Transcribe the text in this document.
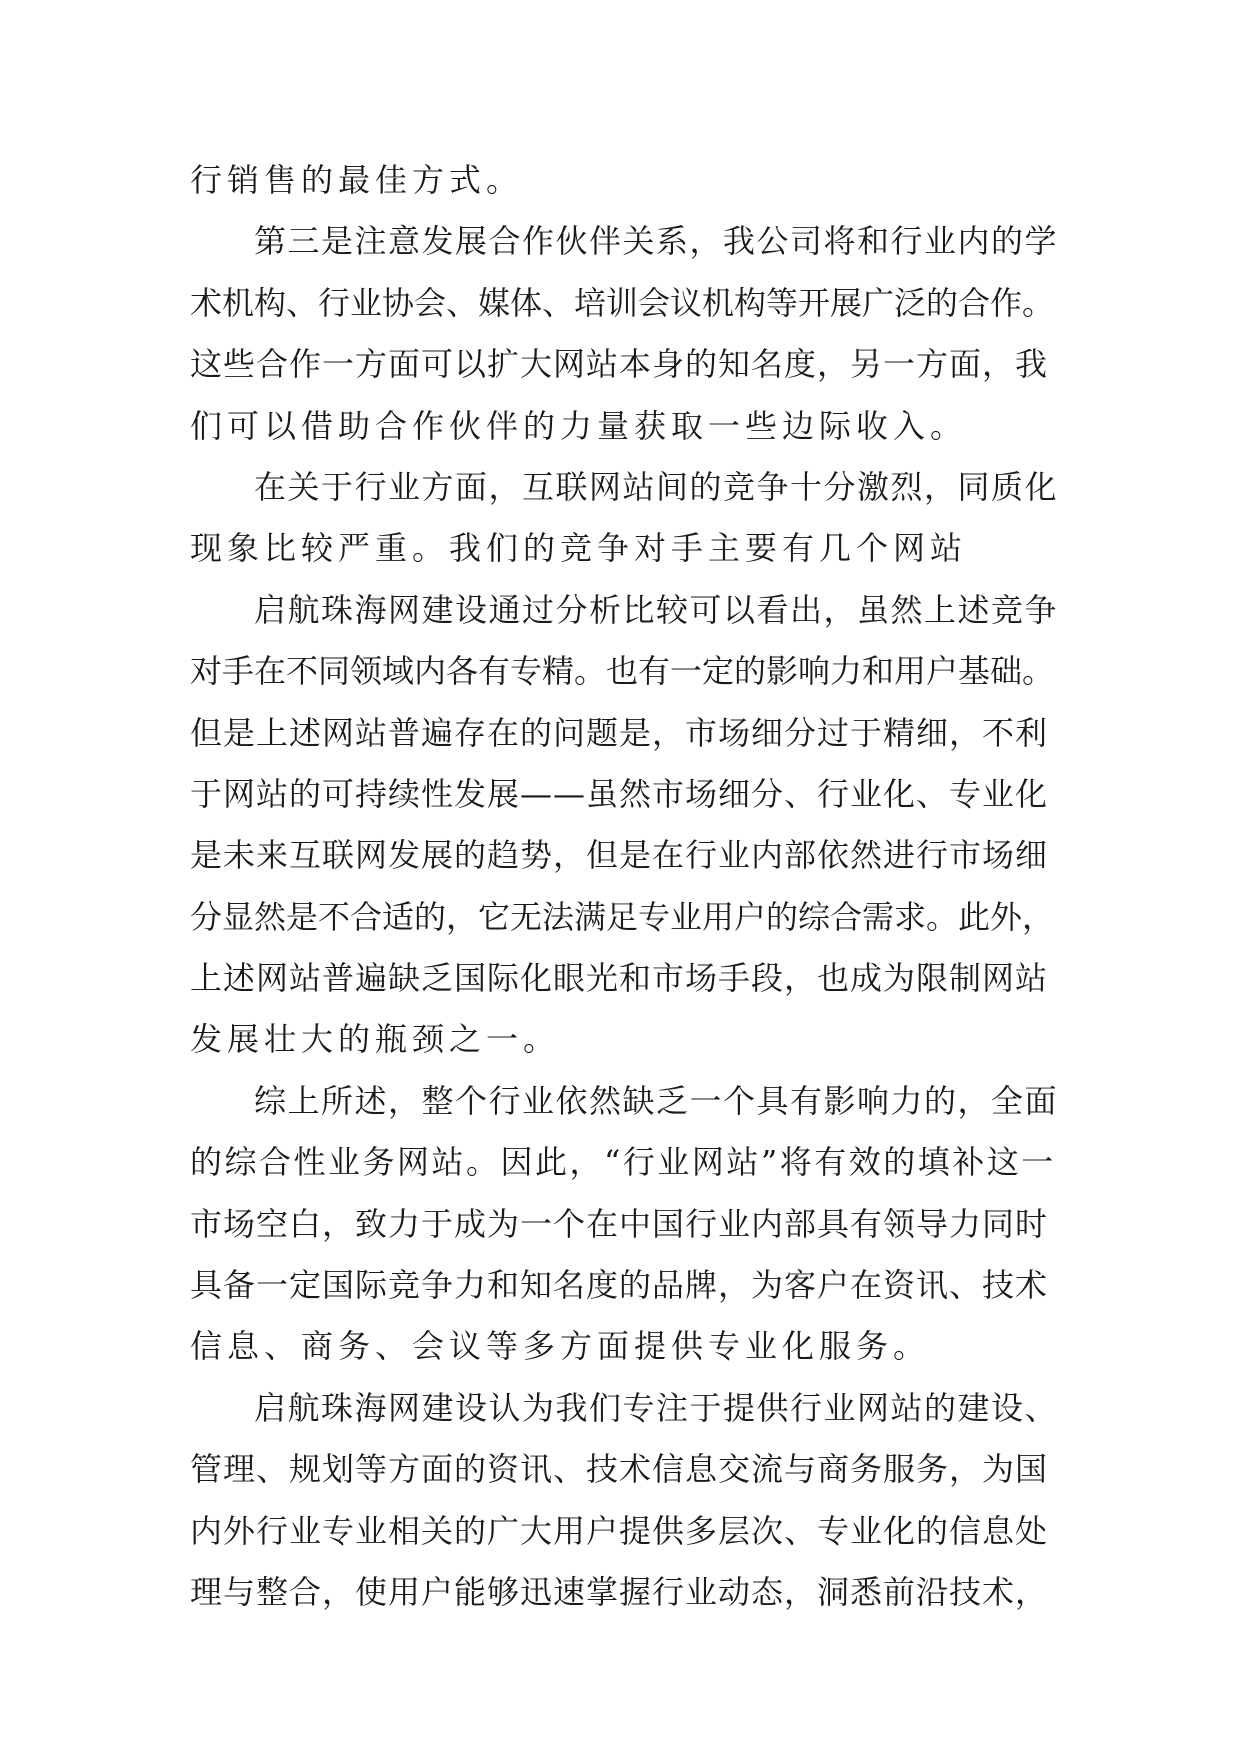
行销售的最佳方式。
第三是注意发展合作伙伴关系，我公司将和行业内的学
术机构、行业协会、媒体、培训会议机构等开展广泛的合作。
这些合作一方面可以扩大网站本身的知名度，另一方面，我
们可以借助合作伙伴的力量获取一些边际收入。
在关于行业方面，互联网站间的竞争十分激烈，同质化
现象比较严重。我们的竞争对手主要有几个网站
启航珠海网建设通过分析比较可以看出，虽然上述竞争
对手在不同领域内各有专精。也有一定的影响力和用户基础。
但是上述网站普遍存在的问题是，市场细分过于精细，不利
于网站的可持续性发展——虽然市场细分、行业化、专业化
是未来互联网发展的趋势，但是在行业内部依然进行市场细
分显然是不合适的，它无法满足专业用户的综合需求。此外，
上述网站普遍缺乏国际化眼光和市场手段，也成为限制网站
发展壮大的瓶颈之一。
综上所述，整个行业依然缺乏一个具有影响力的，全面
的综合性业务网站。因此，“行业网站”将有效的填补这一
市场空白，致力于成为一个在中国行业内部具有领导力同时
具备一定国际竞争力和知名度的品牌，为客户在资讯、技术
信息、商务、会议等多方面提供专业化服务。
启航珠海网建设认为我们专注于提供行业网站的建设、
管理、规划等方面的资讯、技术信息交流与商务服务，为国
内外行业专业相关的广大用户提供多层次、专业化的信息处
理与整合，使用户能够迅速掌握行业动态，洞悉前沿技术，
